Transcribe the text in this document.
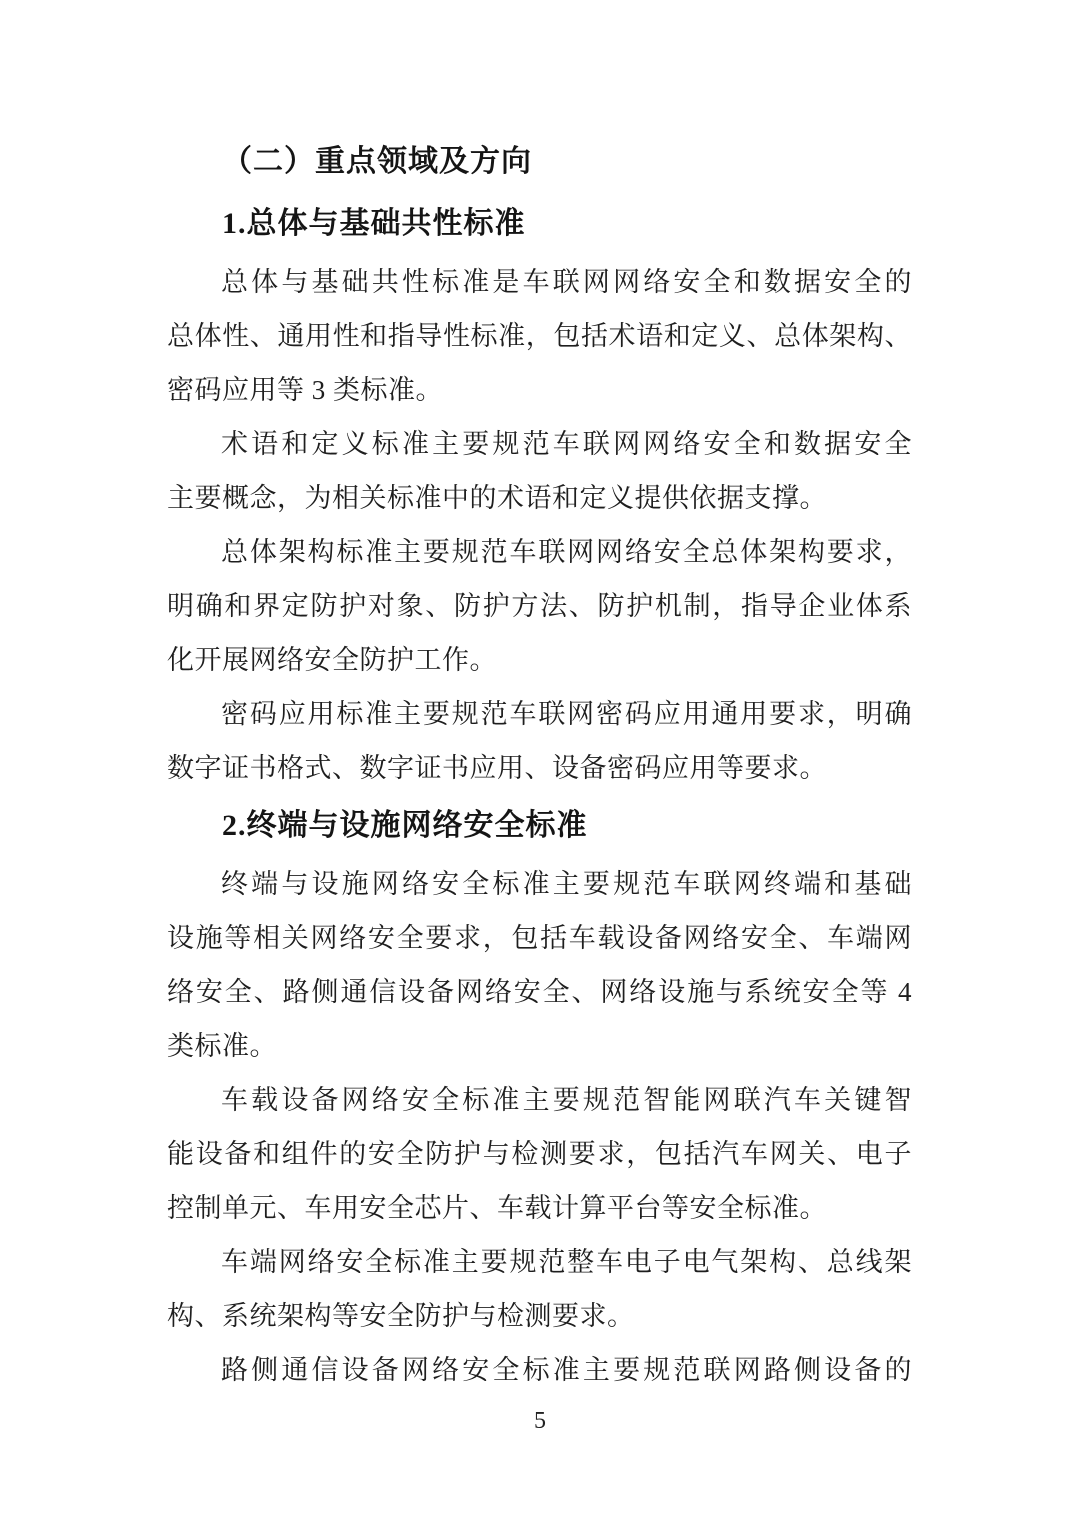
（二）重点领域及方向
1.总体与基础共性标准
总体与基础共性标准是车联网网络安全和数据安全的
总体性、通用性和指导性标准，包括术语和定义、总体架构、
密码应用等 3 类标准。
术语和定义标准主要规范车联网网络安全和数据安全
主要概念，为相关标准中的术语和定义提供依据支撑。
总体架构标准主要规范车联网网络安全总体架构要求，
明确和界定防护对象、防护方法、防护机制，指导企业体系
化开展网络安全防护工作。
密码应用标准主要规范车联网密码应用通用要求，明确
数字证书格式、数字证书应用、设备密码应用等要求。
2.终端与设施网络安全标准
终端与设施网络安全标准主要规范车联网终端和基础
设施等相关网络安全要求，包括车载设备网络安全、车端网
络安全、路侧通信设备网络安全、网络设施与系统安全等 4
类标准。
车载设备网络安全标准主要规范智能网联汽车关键智
能设备和组件的安全防护与检测要求，包括汽车网关、电子
控制单元、车用安全芯片、车载计算平台等安全标准。
车端网络安全标准主要规范整车电子电气架构、总线架
构、系统架构等安全防护与检测要求。
路侧通信设备网络安全标准主要规范联网路侧设备的
5
